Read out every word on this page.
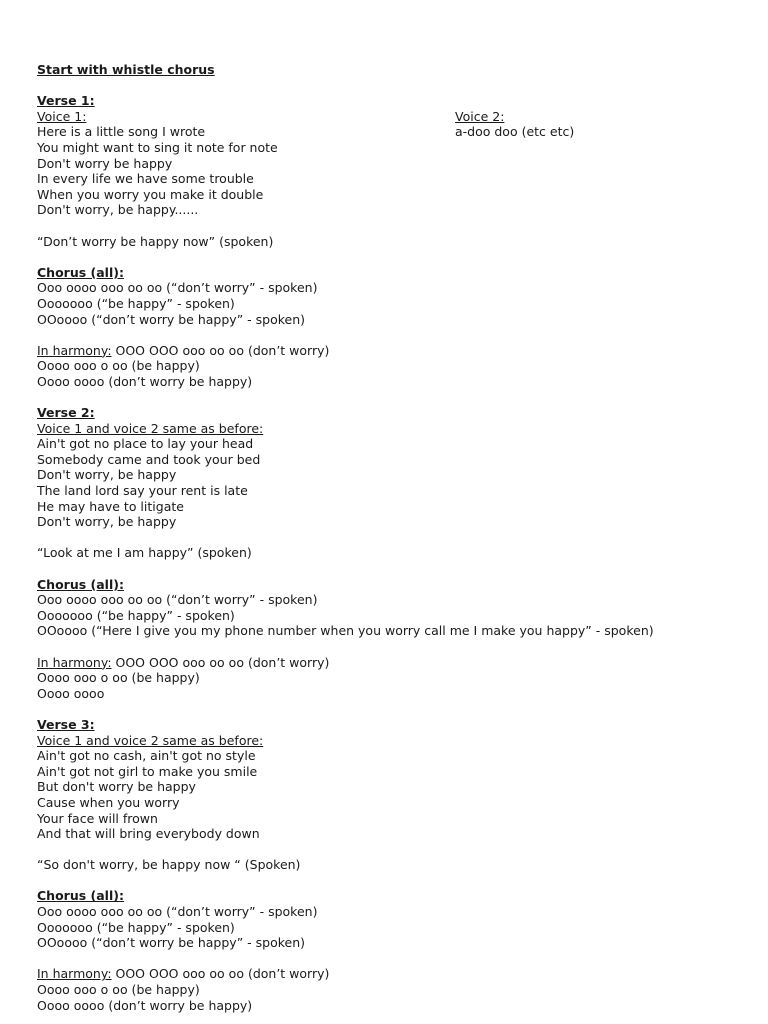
Start with whistle chorus
Verse 1:
Voice 1:	Voice 2:
Here is a little song I wrote	a-doo doo (etc etc)
You might want to sing it note for note
Don't worry be happy
In every life we have some trouble
When you worry you make it double
Don't worry, be happy......
“Don’t worry be happy now” (spoken)
Chorus (all):
Ooo oooo ooo oo oo (“don’t worry” - spoken)
Ooooooo (“be happy” - spoken)
OOoooo (“don’t worry be happy” - spoken)
In harmony: OOO OOO ooo oo oo (don’t worry)
Oooo ooo o oo (be happy)
Oooo oooo (don’t worry be happy)
Verse 2:
Voice 1 and voice 2 same as before:
Ain't got no place to lay your head
Somebody came and took your bed
Don't worry, be happy
The land lord say your rent is late
He may have to litigate
Don't worry, be happy
“Look at me I am happy” (spoken)
Chorus (all):
Ooo oooo ooo oo oo (“don’t worry” - spoken)
Ooooooo (“be happy” - spoken)
OOoooo (“Here I give you my phone number when you worry call me I make you happy” - spoken)
In harmony: OOO OOO ooo oo oo (don’t worry)
Oooo ooo o oo (be happy)
Oooo oooo
Verse 3:
Voice 1 and voice 2 same as before:
Ain't got no cash, ain't got no style
Ain't got not girl to make you smile
But don't worry be happy
Cause when you worry
Your face will frown
And that will bring everybody down
“So don't worry, be happy now “ (Spoken)
Chorus (all):
Ooo oooo ooo oo oo (“don’t worry” - spoken)
Ooooooo (“be happy” - spoken)
OOoooo (“don’t worry be happy” - spoken)
In harmony: OOO OOO ooo oo oo (don’t worry)
Oooo ooo o oo (be happy)
Oooo oooo (don’t worry be happy)
